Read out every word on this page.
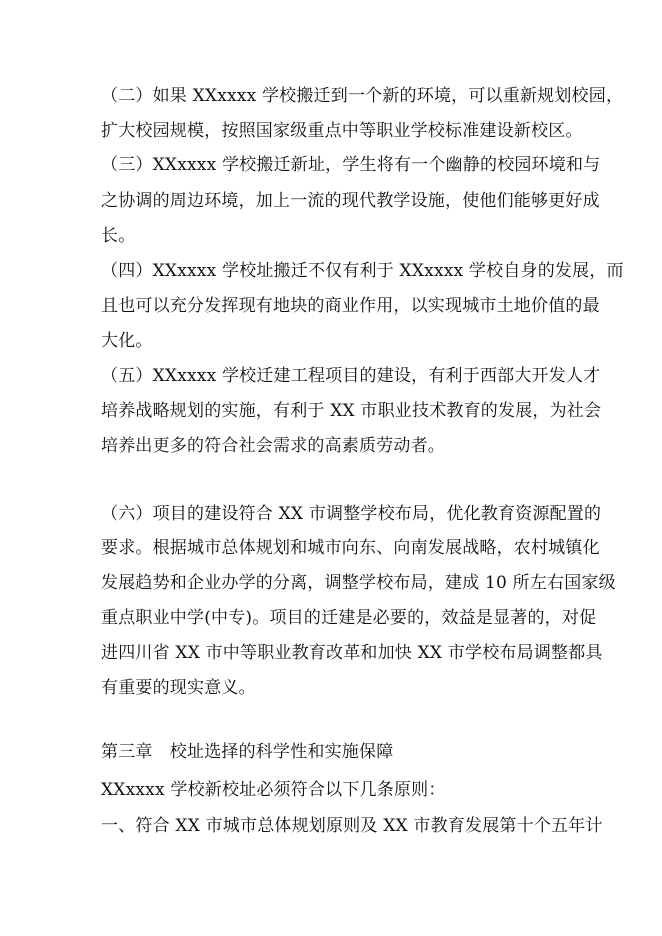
（二）如果 XXxxxx 学校搬迁到一个新的环境，可以重新规划校园，
扩大校园规模，按照国家级重点中等职业学校标准建设新校区。
（三）XXxxxx 学校搬迁新址，学生将有一个幽静的校园环境和与
之协调的周边环境，加上一流的现代教学设施，使他们能够更好成
长。
（四）XXxxxx 学校址搬迁不仅有利于 XXxxxx 学校自身的发展，而
且也可以充分发挥现有地块的商业作用，以实现城市土地价值的最
大化。
（五）XXxxxx 学校迁建工程项目的建设，有利于西部大开发人才
培养战略规划的实施，有利于 XX 市职业技术教育的发展，为社会
培养出更多的符合社会需求的高素质劳动者。
（六）项目的建设符合 XX 市调整学校布局，优化教育资源配置的
要求。根据城市总体规划和城市向东、向南发展战略，农村城镇化
发展趋势和企业办学的分离，调整学校布局，建成 10 所左右国家级
重点职业中学(中专)。项目的迁建是必要的，效益是显著的，对促
进四川省 XX 市中等职业教育改革和加快 XX 市学校布局调整都具
有重要的现实意义。
第三章　校址选择的科学性和实施保障
XXxxxx 学校新校址必须符合以下几条原则：
一、符合 XX 市城市总体规划原则及 XX 市教育发展第十个五年计
